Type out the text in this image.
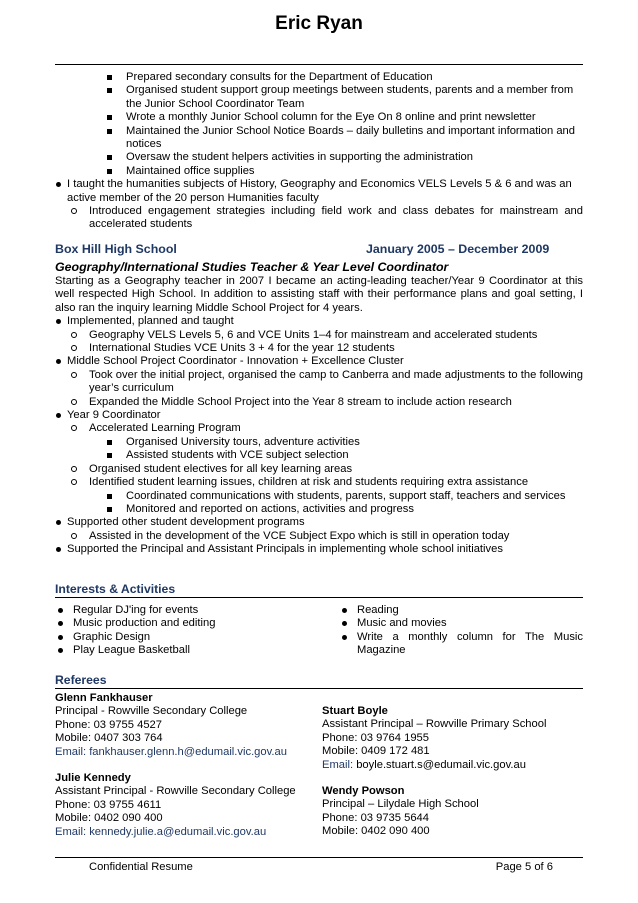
Eric Ryan
Prepared secondary consults for the Department of Education
Organised student support group meetings between students, parents and a member from the Junior School Coordinator Team
Wrote a monthly Junior School column for the Eye On 8 online and print newsletter
Maintained the Junior School Notice Boards – daily bulletins and important information and notices
Oversaw the student helpers activities in supporting the administration
Maintained office supplies
I taught the humanities subjects of History, Geography and Economics VELS Levels 5 & 6 and was an active member of the 20 person Humanities faculty
Introduced engagement strategies including field work and class debates for mainstream and accelerated students
Box Hill High School	January 2005 – December 2009
Geography/International Studies Teacher & Year Level Coordinator
Starting as a Geography teacher in 2007 I became an acting-leading teacher/Year 9 Coordinator at this well respected High School. In addition to assisting staff with their performance plans and goal setting, I also ran the inquiry learning Middle School Project for 4 years.
Implemented, planned and taught
Geography VELS Levels 5, 6 and VCE Units 1–4 for mainstream and accelerated students
International Studies VCE Units 3 + 4 for the year 12 students
Middle School Project Coordinator - Innovation + Excellence Cluster
Took over the initial project, organised the camp to Canberra and made adjustments to the following year’s curriculum
Expanded the Middle School Project into the Year 8 stream to include action research
Year 9 Coordinator
Accelerated Learning Program
Organised University tours, adventure activities
Assisted students with VCE subject selection
Organised student electives for all key learning areas
Identified student learning issues, children at risk and students requiring extra assistance
Coordinated communications with students, parents, support staff, teachers and services
Monitored and reported on actions, activities and progress
Supported other student development programs
Assisted in the development of the VCE Subject Expo which is still in operation today
Supported the Principal and Assistant Principals in implementing whole school initiatives
Interests & Activities
Regular DJ'ing for events
Music production and editing
Graphic Design
Play League Basketball
Reading
Music and movies
Write a monthly column for The Music Magazine
Referees
Glenn Fankhauser
Principal - Rowville Secondary College
Phone: 03 9755 4527
Mobile: 0407 303 764
Email: fankhauser.glenn.h@edumail.vic.gov.au
Stuart Boyle
Assistant Principal – Rowville Primary School
Phone: 03 9764 1955
Mobile: 0409 172 481
Email: boyle.stuart.s@edumail.vic.gov.au
Julie Kennedy
Assistant Principal - Rowville Secondary College
Phone: 03 9755 4611
Mobile: 0402 090 400
Email: kennedy.julie.a@edumail.vic.gov.au
Wendy Powson
Principal – Lilydale High School
Phone: 03 9735 5644
Mobile: 0402 090 400
Confidential Resume	Page 5 of 6
